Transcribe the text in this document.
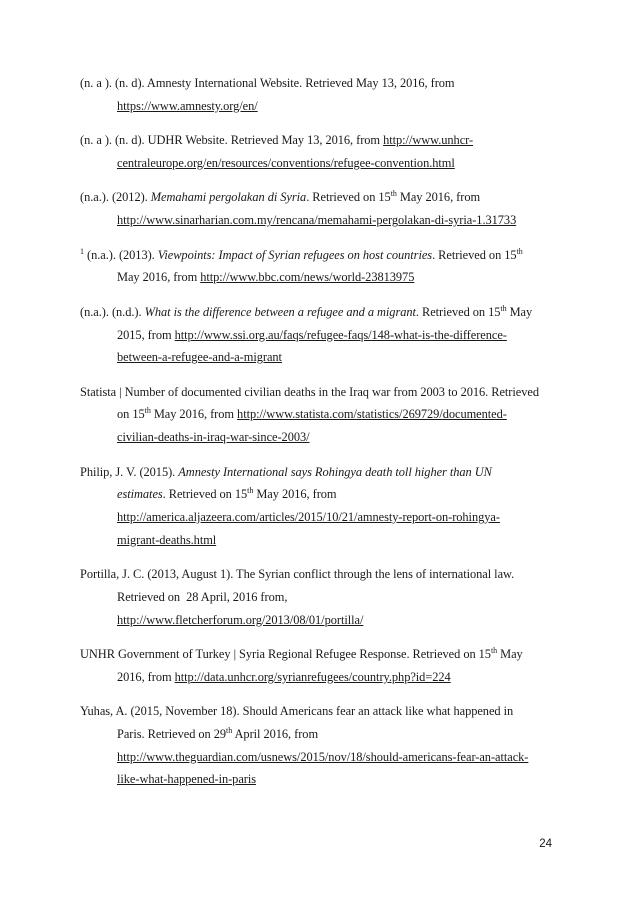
(n. a ). (n. d). Amnesty International Website. Retrieved May 13, 2016, from
https://www.amnesty.org/en/
(n. a ). (n. d). UDHR Website. Retrieved May 13, 2016, from http://www.unhcr-
centraleurope.org/en/resources/conventions/refugee-convention.html
(n.a.). (2012). Memahami pergolakan di Syria. Retrieved on 15th May 2016, from
http://www.sinarharian.com.my/rencana/memahami-pergolakan-di-syria-1.31733
$^1$ (n.a.). (2013). Viewpoints: Impact of Syrian refugees on host countries. Retrieved on 15th
May 2016, from http://www.bbc.com/news/world-23813975
(n.a.). (n.d.). What is the difference between a refugee and a migrant. Retrieved on 15th May
2015, from http://www.ssi.org.au/faqs/refugee-faqs/148-what-is-the-difference-
between-a-refugee-and-a-migrant
Statista | Number of documented civilian deaths in the Iraq war from 2003 to 2016. Retrieved
on 15th May 2016, from http://www.statista.com/statistics/269729/documented-
civilian-deaths-in-iraq-war-since-2003/
Philip, J. V. (2015). Amnesty International says Rohingya death toll higher than UN
estimates. Retrieved on 15th May 2016, from
http://america.aljazeera.com/articles/2015/10/21/amnesty-report-on-rohingya-
migrant-deaths.html
Portilla, J. C. (2013, August 1). The Syrian conflict through the lens of international law.
Retrieved on  28 April, 2016 from,
http://www.fletcherforum.org/2013/08/01/portilla/
UNHR Government of Turkey | Syria Regional Refugee Response. Retrieved on 15th May
2016, from http://data.unhcr.org/syrianrefugees/country.php?id=224
Yuhas, A. (2015, November 18). Should Americans fear an attack like what happened in
Paris. Retrieved on 29th April 2016, from
http://www.theguardian.com/usnews/2015/nov/18/should-americans-fear-an-attack-
like-what-happened-in-paris
24
